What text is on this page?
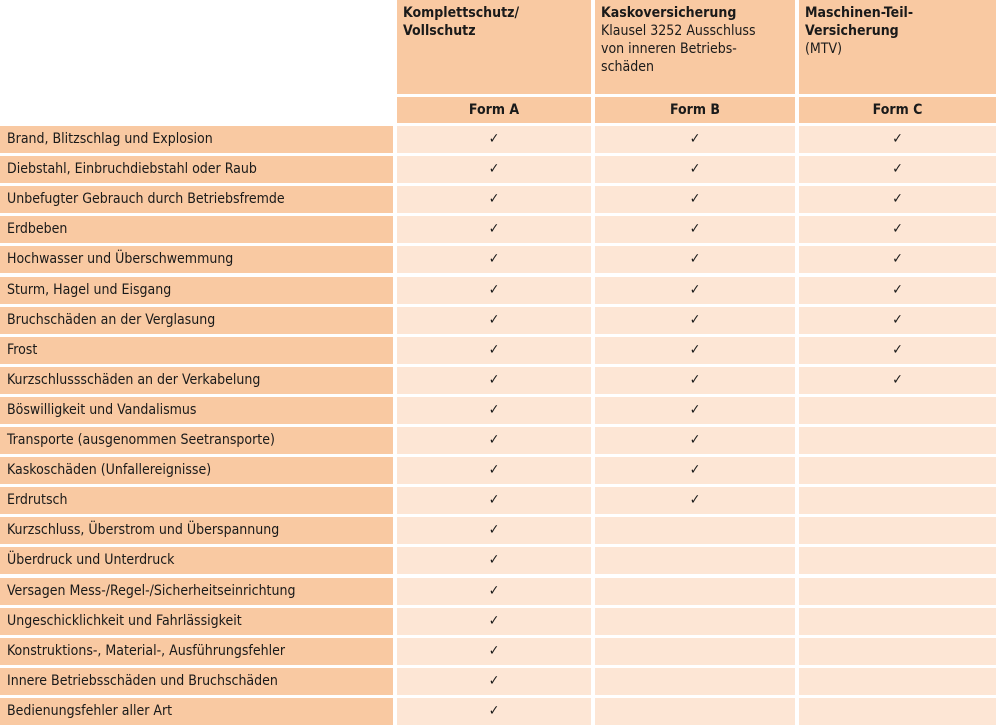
Komplettschutz/
Vollschutz
Kaskoversicherung
Klausel 3252 Ausschluss von inneren Betriebs-schäden
Maschinen-Teil-Versicherung
(MTV)
Form A	Form B	Form C
Brand, Blitzschlag und Explosion	✓	✓	✓
Diebstahl, Einbruchdiebstahl oder Raub	✓	✓	✓
Unbefugter Gebrauch durch Betriebsfremde	✓	✓	✓
Erdbeben	✓	✓	✓
Hochwasser und Überschwemmung	✓	✓	✓
Sturm, Hagel und Eisgang	✓	✓	✓
Bruchschäden an der Verglasung	✓	✓	✓
Frost	✓	✓	✓
Kurzschlussschäden an der Verkabelung	✓	✓	✓
Böswilligkeit und Vandalismus	✓	✓
Transporte (ausgenommen Seetransporte)	✓	✓
Kaskoschäden (Unfallereignisse)	✓	✓
Erdrutsch	✓	✓
Kurzschluss, Überstrom und Überspannung	✓
Überdruck und Unterdruck	✓
Versagen Mess-/Regel-/Sicherheitseinrichtung	✓
Ungeschicklichkeit und Fahrlässigkeit	✓
Konstruktions-, Material-, Ausführungsfehler	✓
Innere Betriebsschäden und Bruchschäden	✓
Bedienungsfehler aller Art	✓
